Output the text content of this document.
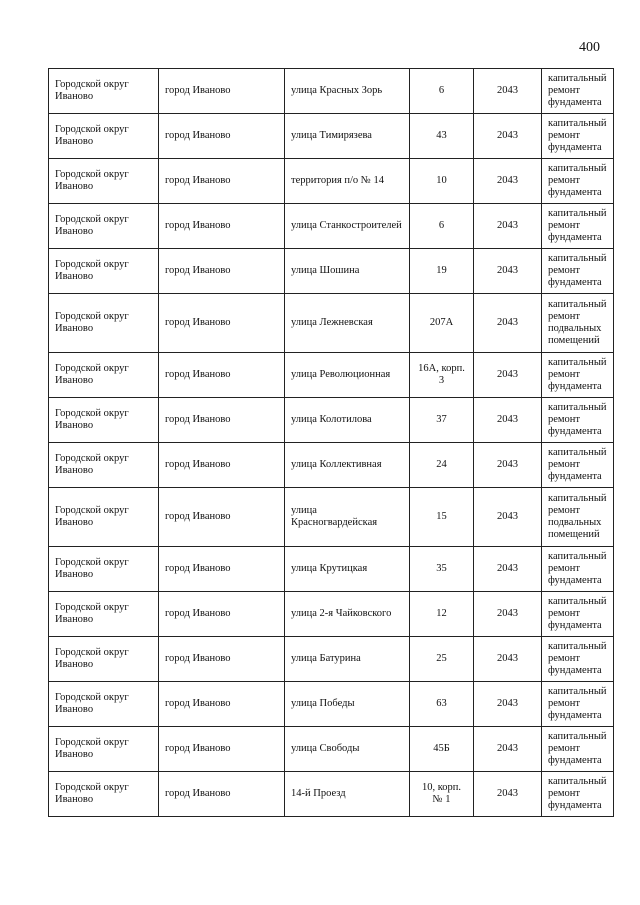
400
Городской округ Иваново	город Иваново	улица Красных Зорь	6	2043	капитальный ремонт фундамента
Городской округ Иваново	город Иваново	улица Тимирязева	43	2043	капитальный ремонт фундамента
Городской округ Иваново	город Иваново	территория п/о № 14	10	2043	капитальный ремонт фундамента
Городской округ Иваново	город Иваново	улица Станкостроителей	6	2043	капитальный ремонт фундамента
Городской округ Иваново	город Иваново	улица Шошина	19	2043	капитальный ремонт фундамента
Городской округ Иваново	город Иваново	улица Лежневская	207А	2043	капитальный ремонт подвальных помещений
Городской округ Иваново	город Иваново	улица Революционная	16А, корп. 3	2043	капитальный ремонт фундамента
Городской округ Иваново	город Иваново	улица Колотилова	37	2043	капитальный ремонт фундамента
Городской округ Иваново	город Иваново	улица Коллективная	24	2043	капитальный ремонт фундамента
Городской округ Иваново	город Иваново	улица Красногвардейская	15	2043	капитальный ремонт подвальных помещений
Городской округ Иваново	город Иваново	улица Крутицкая	35	2043	капитальный ремонт фундамента
Городской округ Иваново	город Иваново	улица 2-я Чайковского	12	2043	капитальный ремонт фундамента
Городской округ Иваново	город Иваново	улица Батурина	25	2043	капитальный ремонт фундамента
Городской округ Иваново	город Иваново	улица Победы	63	2043	капитальный ремонт фундамента
Городской округ Иваново	город Иваново	улица Свободы	45Б	2043	капитальный ремонт фундамента
Городской округ Иваново	город Иваново	14-й Проезд	10, корп. № 1	2043	капитальный ремонт фундамента
